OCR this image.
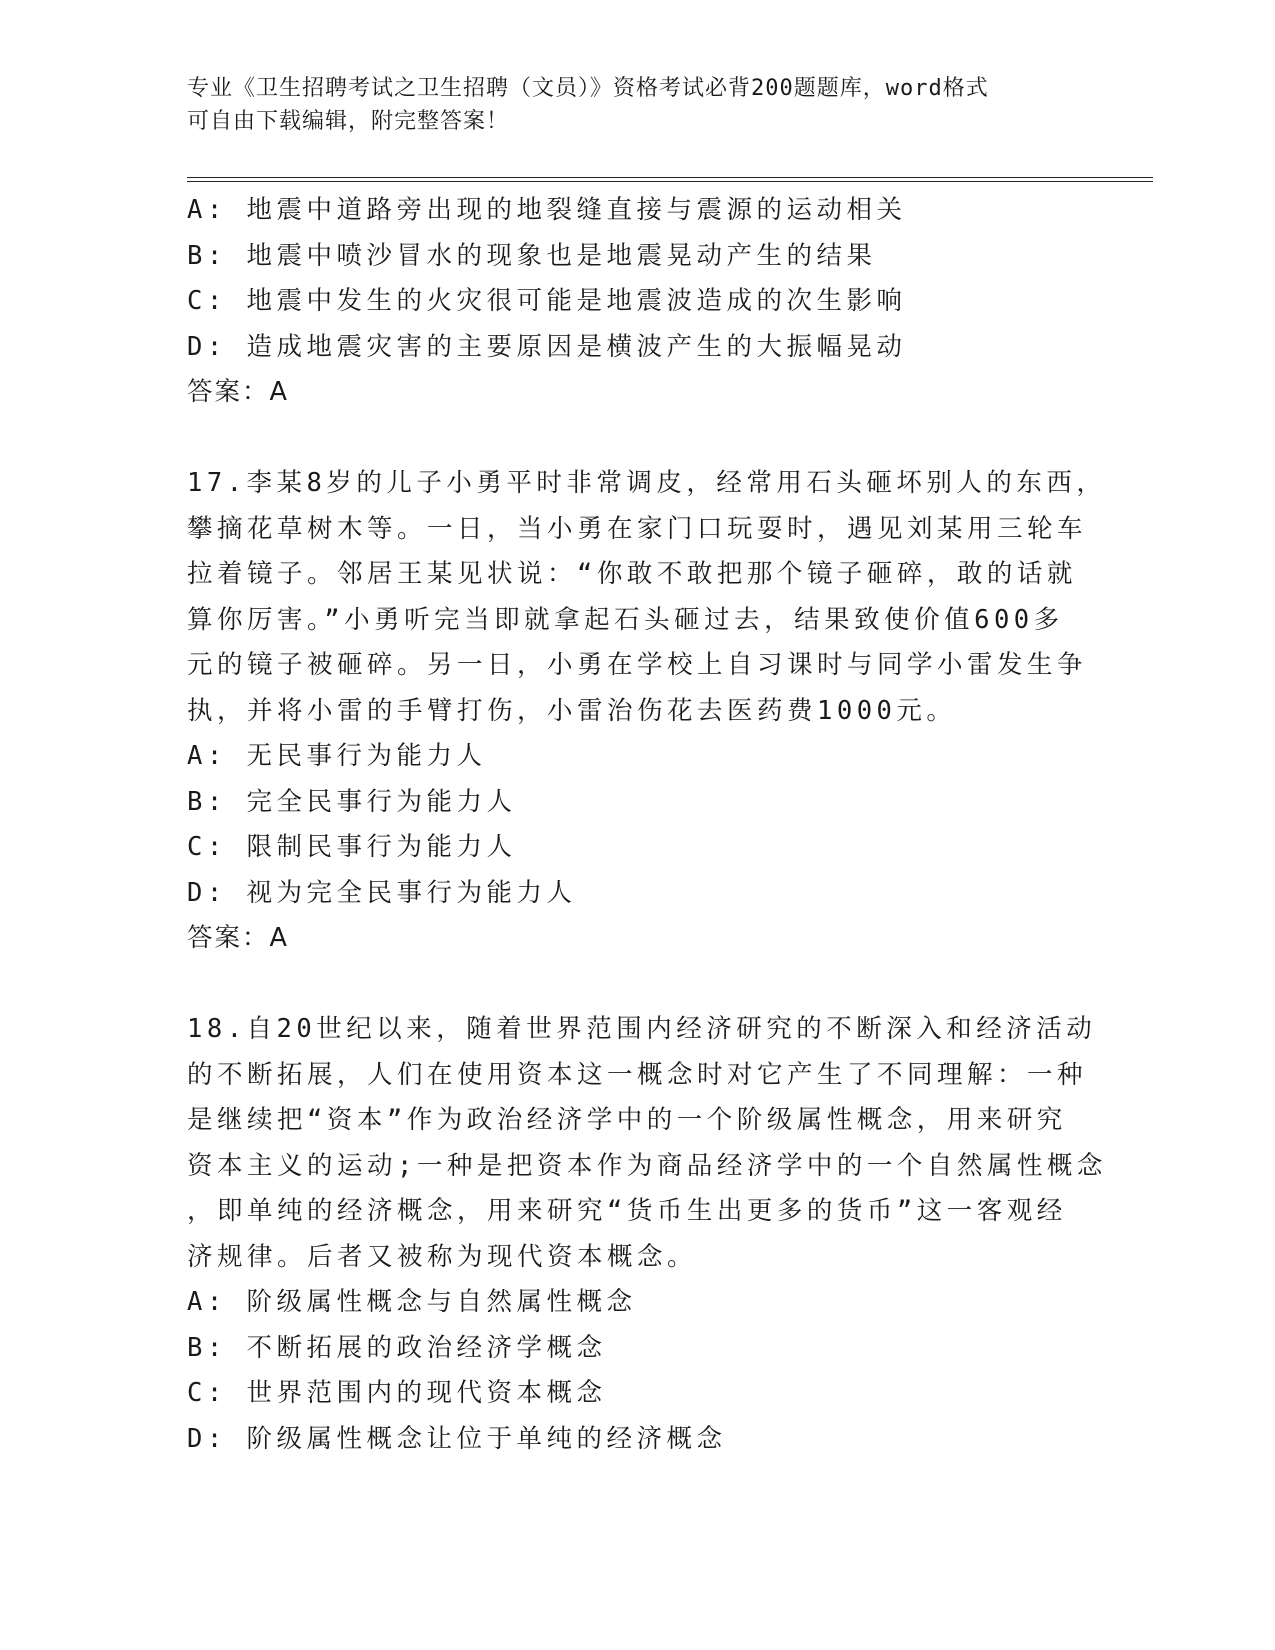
专业《卫生招聘考试之卫生招聘（文员）》资格考试必背200题题库，word格式
可自由下载编辑，附完整答案！
A: 地震中道路旁出现的地裂缝直接与震源的运动相关
B: 地震中喷沙冒水的现象也是地震晃动产生的结果
C: 地震中发生的火灾很可能是地震波造成的次生影响
D: 造成地震灾害的主要原因是横波产生的大振幅晃动
答案：A
17.李某8岁的儿子小勇平时非常调皮，经常用石头砸坏别人的东西，
攀摘花草树木等。一日，当小勇在家门口玩耍时，遇见刘某用三轮车
拉着镜子。邻居王某见状说：“你敢不敢把那个镜子砸碎，敢的话就
算你厉害。”小勇听完当即就拿起石头砸过去，结果致使价值600多
元的镜子被砸碎。另一日，小勇在学校上自习课时与同学小雷发生争
执，并将小雷的手臂打伤，小雷治伤花去医药费1000元。
A: 无民事行为能力人
B: 完全民事行为能力人
C: 限制民事行为能力人
D: 视为完全民事行为能力人
答案：A
18.自20世纪以来，随着世界范围内经济研究的不断深入和经济活动
的不断拓展，人们在使用资本这一概念时对它产生了不同理解：一种
是继续把“资本”作为政治经济学中的一个阶级属性概念，用来研究
资本主义的运动;一种是把资本作为商品经济学中的一个自然属性概念
，即单纯的经济概念，用来研究“货币生出更多的货币”这一客观经
济规律。后者又被称为现代资本概念。
A: 阶级属性概念与自然属性概念
B: 不断拓展的政治经济学概念
C: 世界范围内的现代资本概念
D: 阶级属性概念让位于单纯的经济概念
